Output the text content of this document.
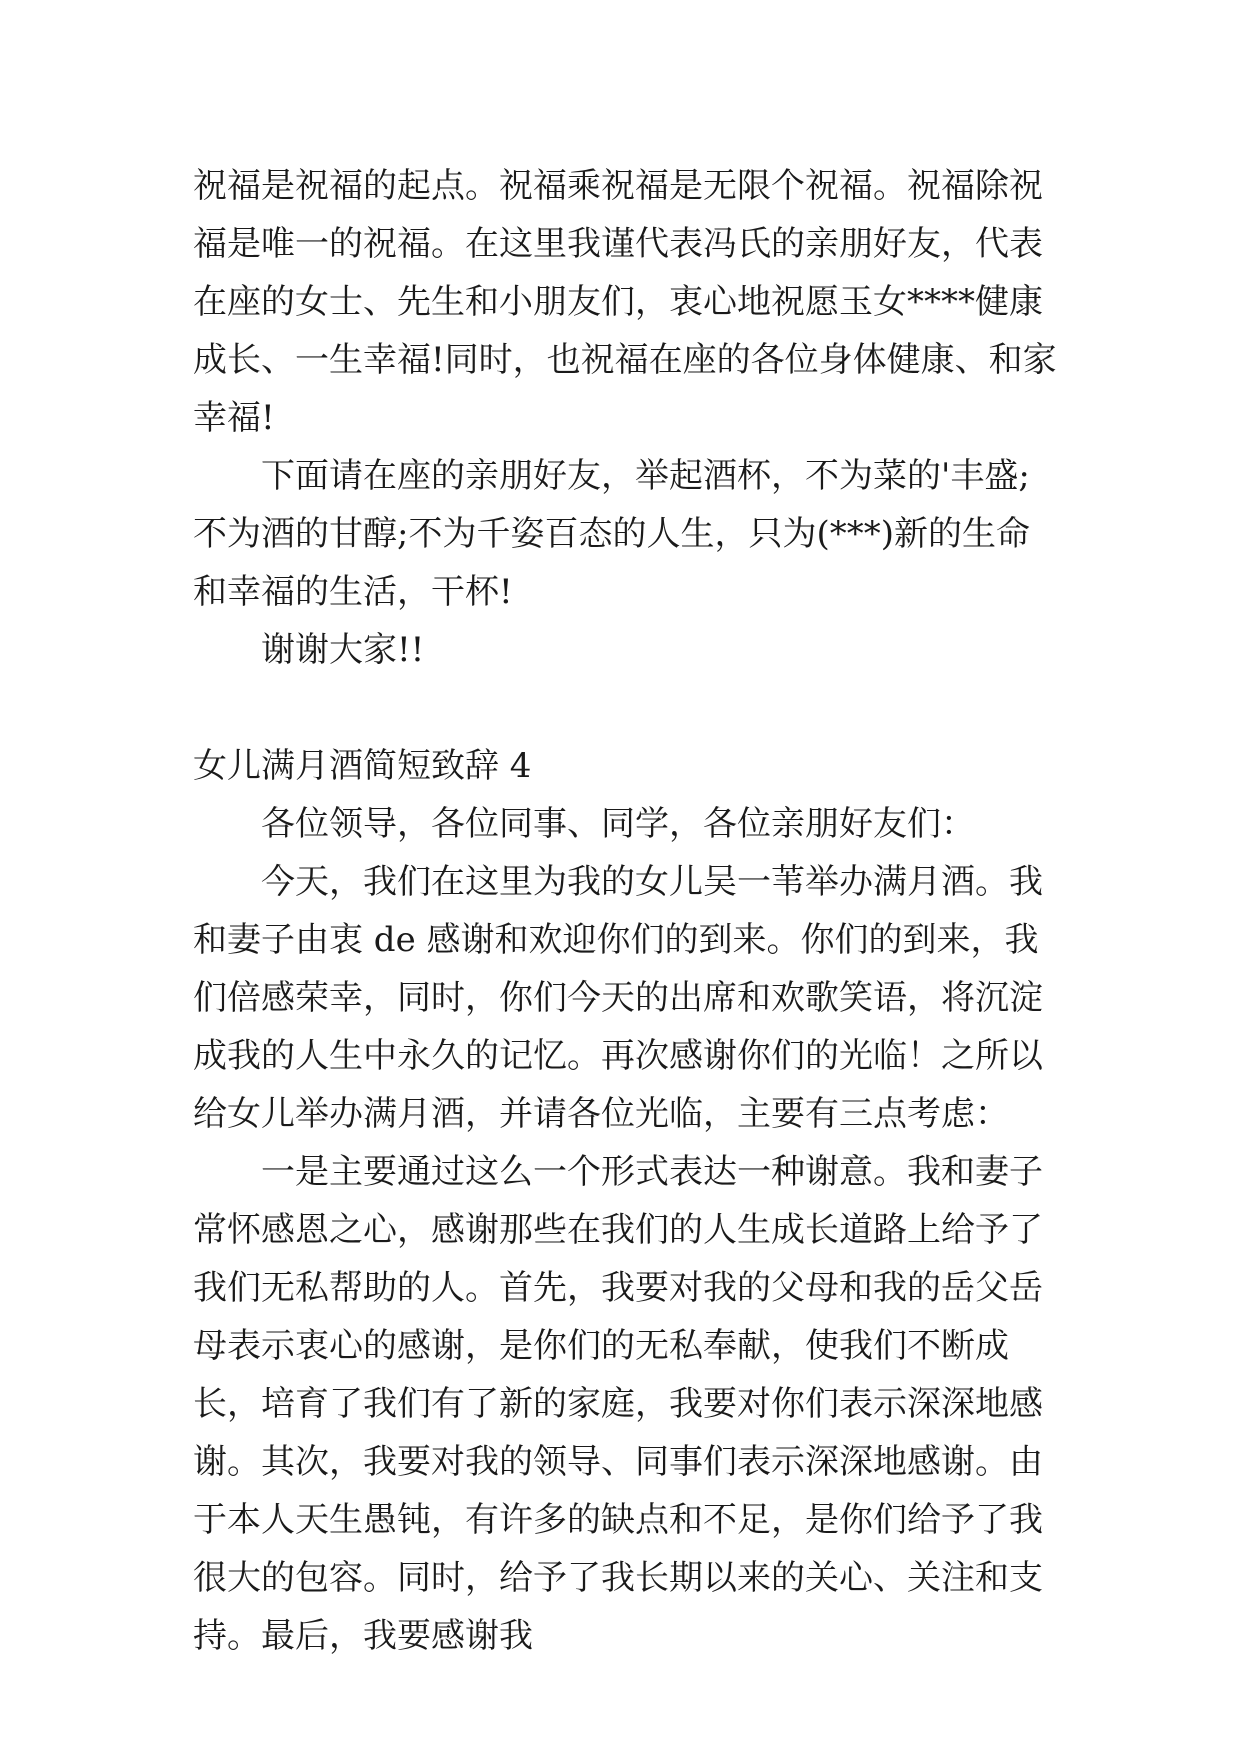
祝福是祝福的起点。祝福乘祝福是无限个祝福。祝福除祝福是唯一的祝福。在这里我谨代表冯氏的亲朋好友，代表在座的女士、先生和小朋友们，衷心地祝愿玉女****健康成长、一生幸福!同时，也祝福在座的各位身体健康、和家幸福!

下面请在座的亲朋好友，举起酒杯，不为菜的'丰盛;不为酒的甘醇;不为千姿百态的人生，只为(***)新的生命和幸福的生活，干杯!

谢谢大家!!

女儿满月酒简短致辞 4

各位领导，各位同事、同学，各位亲朋好友们：

今天，我们在这里为我的女儿吴一苇举办满月酒。我和妻子由衷 de 感谢和欢迎你们的到来。你们的到来，我们倍感荣幸，同时，你们今天的出席和欢歌笑语，将沉淀成我的人生中永久的记忆。再次感谢你们的光临！之所以给女儿举办满月酒，并请各位光临，主要有三点考虑：

一是主要通过这么一个形式表达一种谢意。我和妻子常怀感恩之心，感谢那些在我们的人生成长道路上给予了我们无私帮助的人。首先，我要对我的父母和我的岳父岳母表示衷心的感谢，是你们的无私奉献，使我们不断成长，培育了我们有了新的家庭，我要对你们表示深深地感谢。其次，我要对我的领导、同事们表示深深地感谢。由于本人天生愚钝，有许多的缺点和不足，是你们给予了我很大的包容。同时，给予了我长期以来的关心、关注和支持。最后，我要感谢我
